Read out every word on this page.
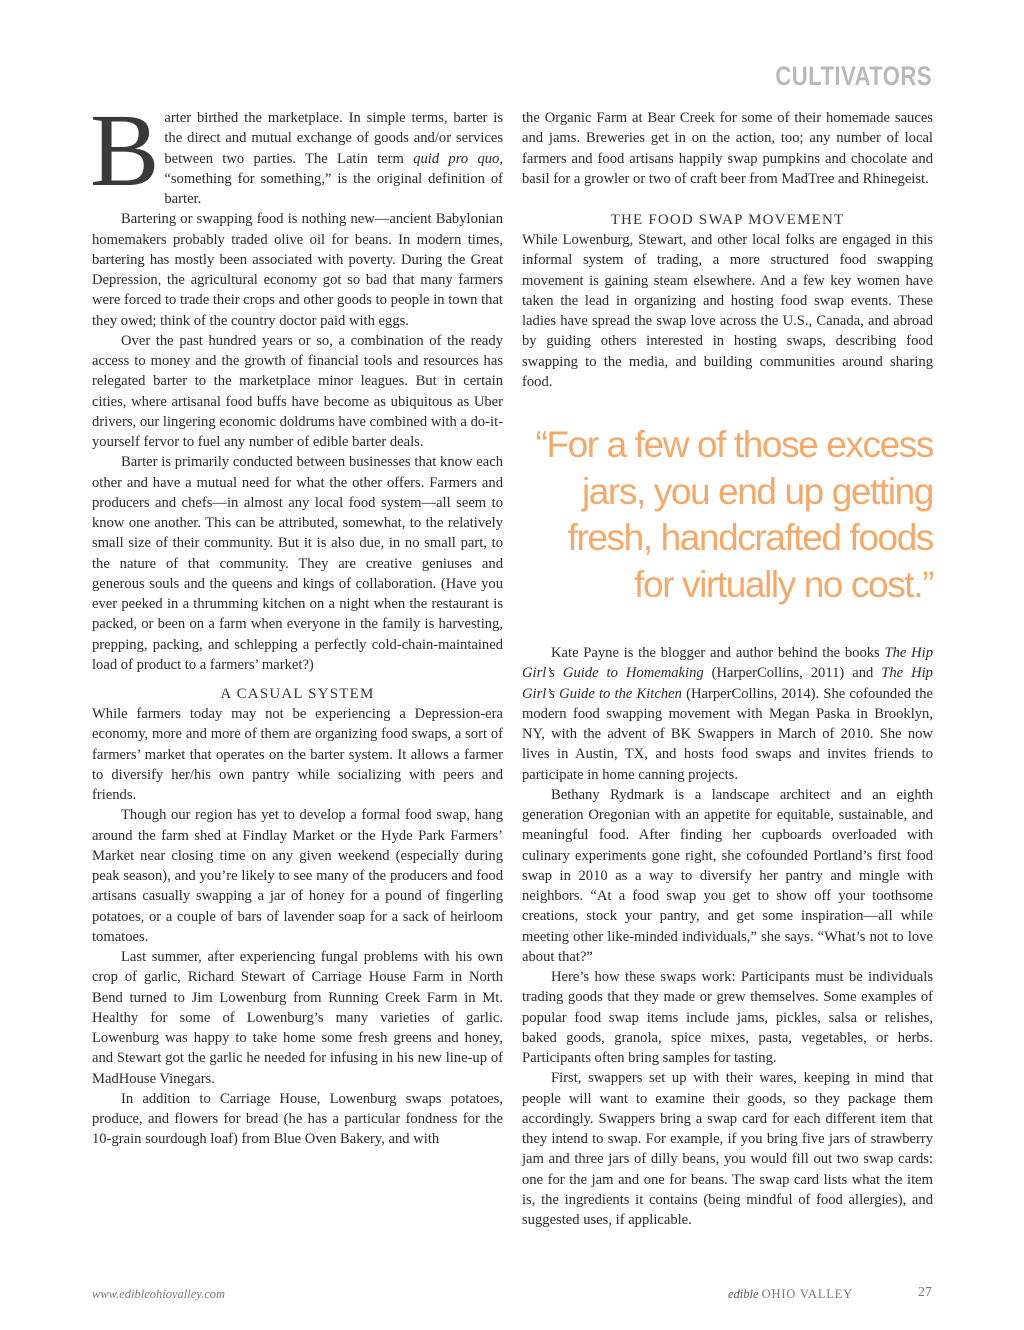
CULTIVATORS

Barter birthed the marketplace. In simple terms, barter is the direct and mutual exchange of goods and/or services between two parties. The Latin term quid pro quo, “something for something,” is the original definition of barter.

Bartering or swapping food is nothing new—ancient Babylonian homemakers probably traded olive oil for beans. In modern times, bartering has mostly been associated with poverty. During the Great Depression, the agricultural economy got so bad that many farmers were forced to trade their crops and other goods to people in town that they owed; think of the country doctor paid with eggs.

Over the past hundred years or so, a combination of the ready access to money and the growth of financial tools and resources has relegated barter to the marketplace minor leagues. But in certain cities, where artisanal food buffs have become as ubiquitous as Uber drivers, our lingering economic doldrums have combined with a do-it-yourself fervor to fuel any number of edible barter deals.

Barter is primarily conducted between businesses that know each other and have a mutual need for what the other offers. Farmers and producers and chefs—in almost any local food system—all seem to know one another. This can be attributed, somewhat, to the relatively small size of their community. But it is also due, in no small part, to the nature of that community. They are creative geniuses and generous souls and the queens and kings of collaboration. (Have you ever peeked in a thrumming kitchen on a night when the restaurant is packed, or been on a farm when everyone in the family is harvesting, prepping, packing, and schlepping a perfectly cold-chain-maintained load of product to a farmers’ market?)

A CASUAL SYSTEM

While farmers today may not be experiencing a Depression-era economy, more and more of them are organizing food swaps, a sort of farmers’ market that operates on the barter system. It allows a farmer to diversify her/his own pantry while socializing with peers and friends.

Though our region has yet to develop a formal food swap, hang around the farm shed at Findlay Market or the Hyde Park Farmers’ Market near closing time on any given weekend (especially during peak season), and you’re likely to see many of the producers and food artisans casually swapping a jar of honey for a pound of fingerling potatoes, or a couple of bars of lavender soap for a sack of heirloom tomatoes.

Last summer, after experiencing fungal problems with his own crop of garlic, Richard Stewart of Carriage House Farm in North Bend turned to Jim Lowenburg from Running Creek Farm in Mt. Healthy for some of Lowenburg’s many varieties of garlic. Lowenburg was happy to take home some fresh greens and honey, and Stewart got the garlic he needed for infusing in his new line-up of MadHouse Vinegars.

In addition to Carriage House, Lowenburg swaps potatoes, produce, and flowers for bread (he has a particular fondness for the 10-grain sourdough loaf) from Blue Oven Bakery, and with

the Organic Farm at Bear Creek for some of their homemade sauces and jams. Breweries get in on the action, too; any number of local farmers and food artisans happily swap pumpkins and chocolate and basil for a growler or two of craft beer from MadTree and Rhinegeist.

THE FOOD SWAP MOVEMENT

While Lowenburg, Stewart, and other local folks are engaged in this informal system of trading, a more structured food swapping movement is gaining steam elsewhere. And a few key women have taken the lead in organizing and hosting food swap events. These ladies have spread the swap love across the U.S., Canada, and abroad by guiding others interested in hosting swaps, describing food swapping to the media, and building communities around sharing food.

“For a few of those excess jars, you end up getting fresh, handcrafted foods for virtually no cost.”

Kate Payne is the blogger and author behind the books The Hip Girl’s Guide to Homemaking (HarperCollins, 2011) and The Hip Girl’s Guide to the Kitchen (HarperCollins, 2014). She cofounded the modern food swapping movement with Megan Paska in Brooklyn, NY, with the advent of BK Swappers in March of 2010. She now lives in Austin, TX, and hosts food swaps and invites friends to participate in home canning projects.

Bethany Rydmark is a landscape architect and an eighth generation Oregonian with an appetite for equitable, sustainable, and meaningful food. After finding her cupboards overloaded with culinary experiments gone right, she cofounded Portland’s first food swap in 2010 as a way to diversify her pantry and mingle with neighbors. “At a food swap you get to show off your toothsome creations, stock your pantry, and get some inspiration—all while meeting other like-minded individuals,” she says. “What’s not to love about that?”

Here’s how these swaps work: Participants must be individuals trading goods that they made or grew themselves. Some examples of popular food swap items include jams, pickles, salsa or relishes, baked goods, granola, spice mixes, pasta, vegetables, or herbs. Participants often bring samples for tasting.

First, swappers set up with their wares, keeping in mind that people will want to examine their goods, so they package them accordingly. Swappers bring a swap card for each different item that they intend to swap. For example, if you bring five jars of strawberry jam and three jars of dilly beans, you would fill out two swap cards: one for the jam and one for beans. The swap card lists what the item is, the ingredients it contains (being mindful of food allergies), and suggested uses, if applicable.

www.edibleohiovalley.com	edible OHIO VALLEY	27
